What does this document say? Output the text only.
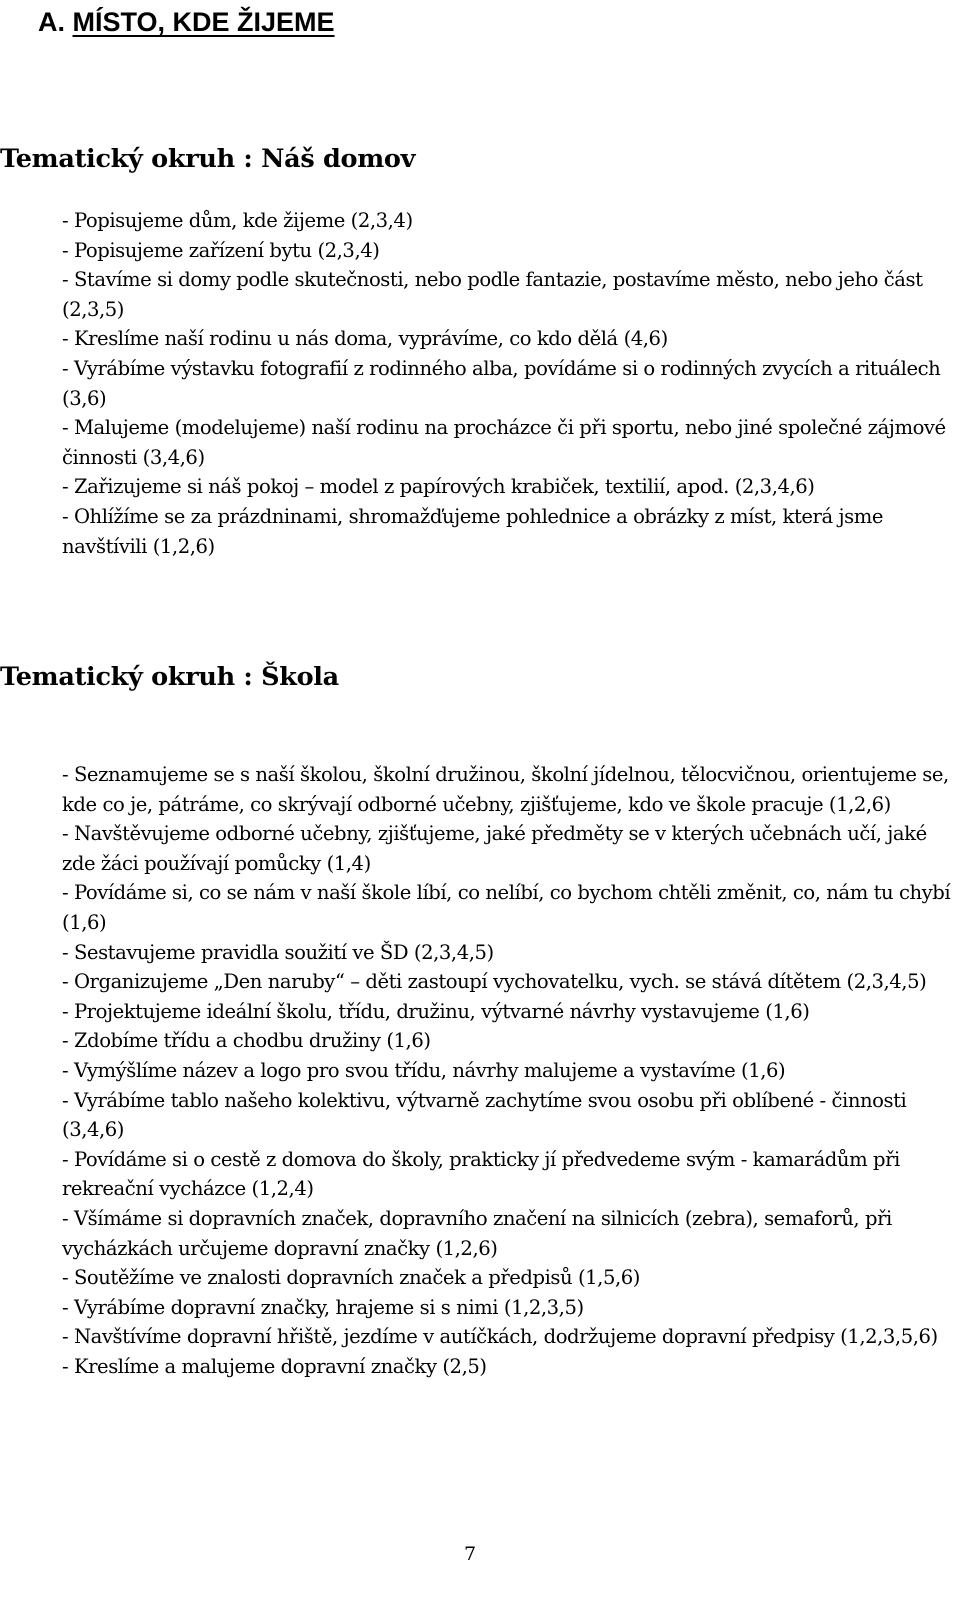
A. MÍSTO, KDE ŽIJEME
Tematický okruh : Náš domov
- Popisujeme dům, kde žijeme (2,3,4)
- Popisujeme zařízení bytu (2,3,4)
- Stavíme si domy podle skutečnosti, nebo podle fantazie, postavíme město, nebo jeho část (2,3,5)
- Kreslíme naší rodinu u nás doma, vyprávíme, co kdo dělá (4,6)
- Vyrábíme výstavku fotografií z rodinného alba, povídáme si o rodinných zvycích a rituálech (3,6)
- Malujeme (modelujeme) naší rodinu na procházce či při sportu, nebo jiné společné zájmové činnosti (3,4,6)
- Zařizujeme si náš pokoj – model z papírových krabiček, textilií, apod. (2,3,4,6)
- Ohlížíme se za prázdninami, shromažďujeme pohlednice a obrázky z míst, která jsme navštívili (1,2,6)
Tematický okruh : Škola
- Seznamujeme se s naší školou, školní družinou, školní jídelnou, tělocvičnou, orientujeme se, kde co je, pátráme, co skrývají odborné učebny, zjišťujeme, kdo ve škole pracuje (1,2,6)
- Navštěvujeme odborné učebny, zjišťujeme, jaké předměty se v kterých učebnách učí, jaké zde žáci používají pomůcky (1,4)
- Povídáme si, co se nám v naší škole líbí, co nelíbí, co bychom chtěli změnit, co, nám tu chybí (1,6)
- Sestavujeme pravidla soužití ve ŠD (2,3,4,5)
- Organizujeme „Den naruby“ – děti zastoupí vychovatelku, vych. se stává dítětem (2,3,4,5)
- Projektujeme ideální školu, třídu, družinu, výtvarné návrhy vystavujeme (1,6)
- Zdobíme třídu a chodbu družiny (1,6)
- Vymýšlíme název a logo pro svou třídu, návrhy malujeme a vystavíme (1,6)
- Vyrábíme tablo našeho kolektivu, výtvarně zachytíme svou osobu při oblíbené - činnosti (3,4,6)
- Povídáme si o cestě z domova do školy, prakticky jí předvedeme svým - kamarádům při rekreační vycházce (1,2,4)
- Všímáme si dopravních značek, dopravního značení na silnicích (zebra), semaforů, při vycházkách určujeme dopravní značky (1,2,6)
- Soutěžíme ve znalosti dopravních značek a předpisů (1,5,6)
- Vyrábíme dopravní značky, hrajeme si s nimi (1,2,3,5)
- Navštívíme dopravní hřiště, jezdíme v autíčkách, dodržujeme dopravní předpisy (1,2,3,5,6)
- Kreslíme a malujeme dopravní značky (2,5)
7
